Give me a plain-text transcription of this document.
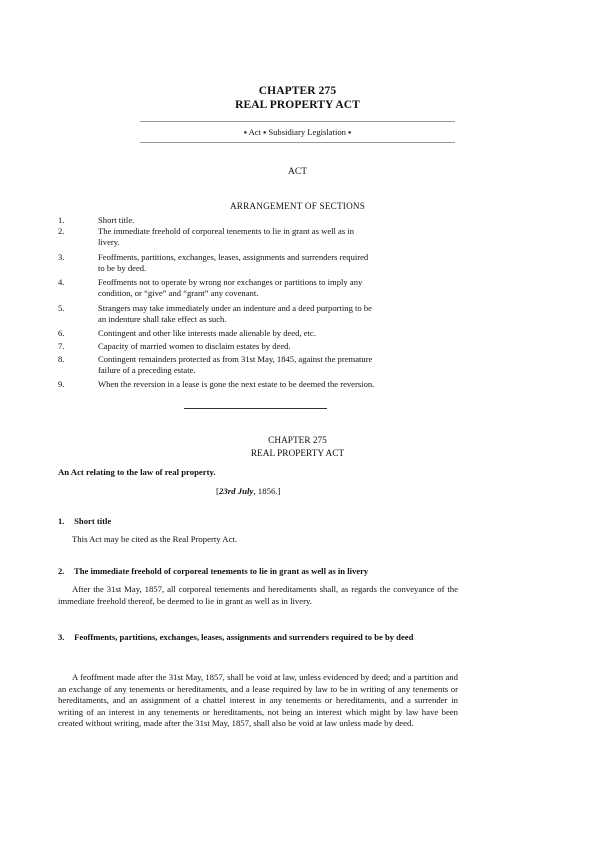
CHAPTER 275
REAL PROPERTY ACT
▪ Act ▪ Subsidiary Legislation ▪
ACT
ARRANGEMENT OF SECTIONS
1.	Short title.
2.	The immediate freehold of corporeal tenements to lie in grant as well as in
livery.
3.	Feoffments, partitions, exchanges, leases, assignments and surrenders required
to be by deed.
4.	Feoffments not to operate by wrong nor exchanges or partitions to imply any
condition, or “give” and “grant” any covenant.
5.	Strangers may take immediately under an indenture and a deed purporting to be
an indenture shall take effect as such.
6.	Contingent and other like interests made alienable by deed, etc.
7.	Capacity of married women to disclaim estates by deed.
8.	Contingent remainders protected as from 31st May, 1845, against the premature
failure of a preceding estate.
9.	When the reversion in a lease is gone the next estate to be deemed the reversion.
CHAPTER 275
REAL PROPERTY ACT
An Act relating to the law of real property.
[23rd July, 1856.]
1. Short title
This Act may be cited as the Real Property Act.
2. The immediate freehold of corporeal tenements to lie in grant as well as in livery
After the 31st May, 1857, all corporeal tenements and hereditaments shall, as regards the conveyance of the immediate freehold thereof, be deemed to lie in grant as well as in livery.
3. Feoffments, partitions, exchanges, leases, assignments and surrenders required to be by deed
A feoffment made after the 31st May, 1857, shall be void at law, unless evidenced by deed; and a partition and an exchange of any tenements or hereditaments, and a lease required by law to be in writing of any tenements or hereditaments, and an assignment of a chattel interest in any tenements or hereditaments, and a surrender in writing of an interest in any tenements or hereditaments, not being an interest which might by law have been created without writing, made after the 31st May, 1857, shall also be void at law unless made by deed.
